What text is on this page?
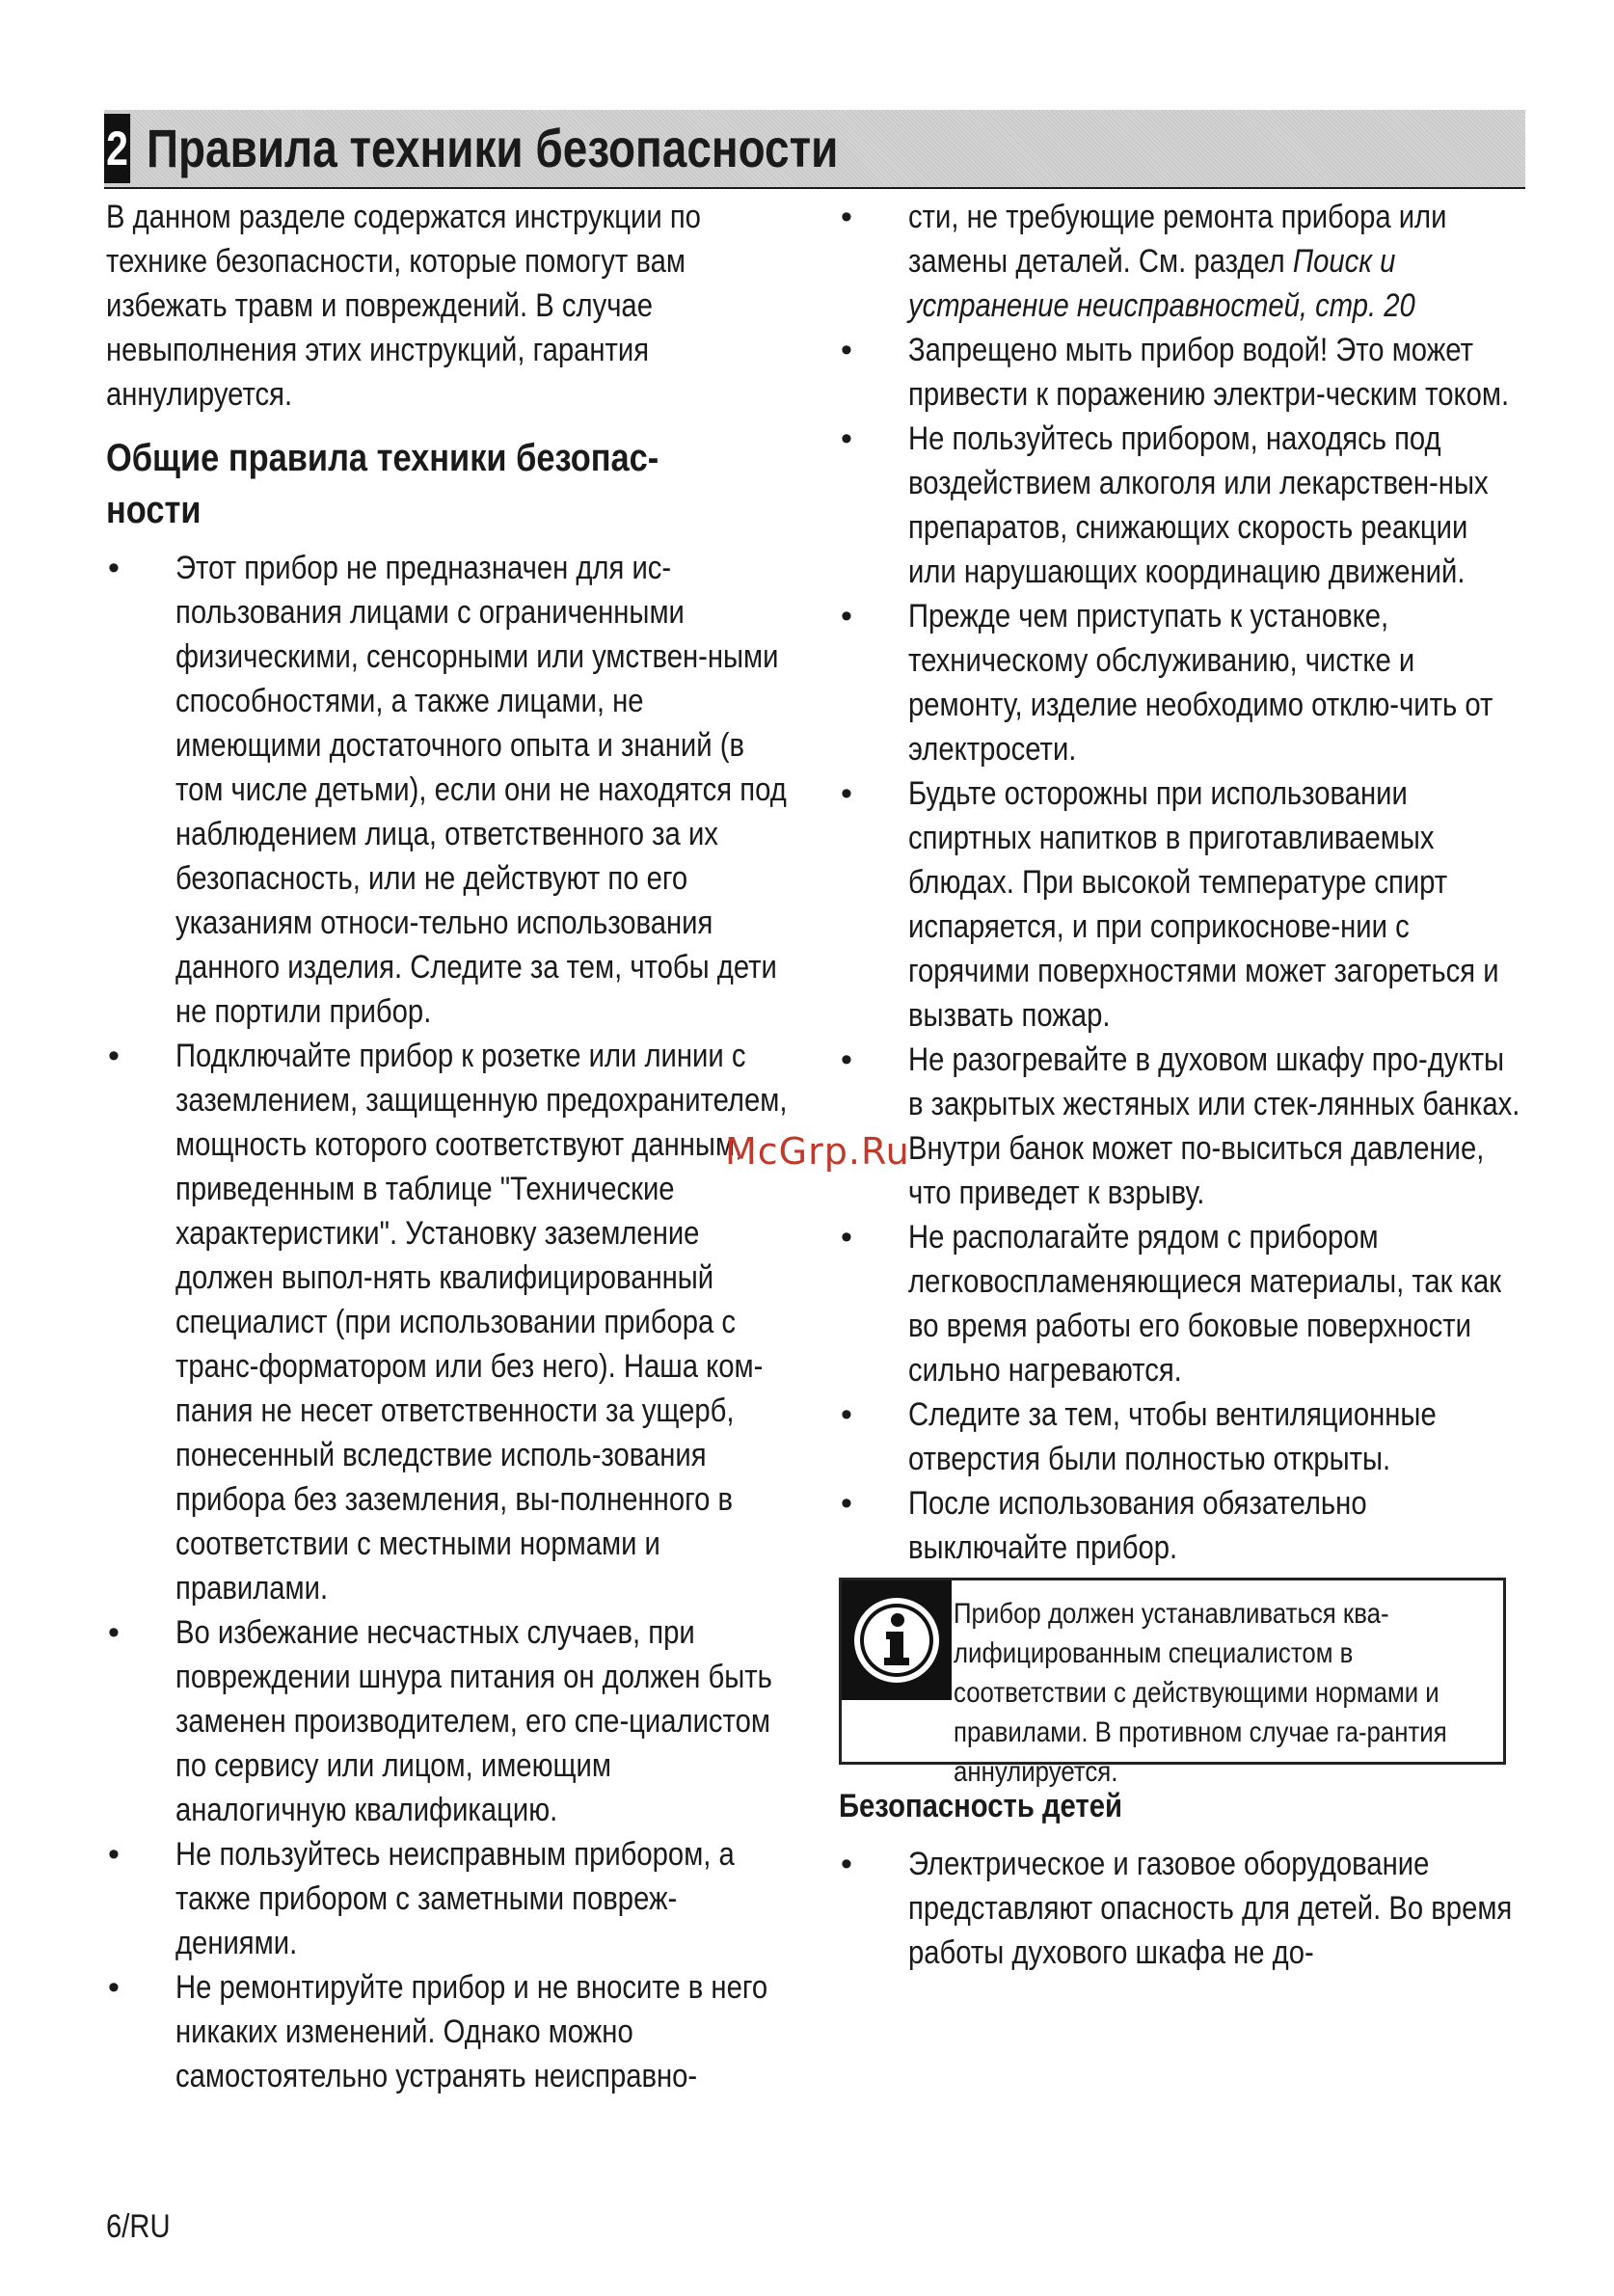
2 Правила техники безопасности

В данном разделе содержатся инструкции по технике безопасности, которые помогут вам избежать травм и повреждений. В случае невыполнения этих инструкций, гарантия аннулируется.

Общие правила техники безопас-ности
• Этот прибор не предназначен для ис-пользования лицами с ограниченными физическими, сенсорными или умствен-ными способностями, а также лицами, не имеющими достаточного опыта и знаний (в том числе детьми), если они не находятся под наблюдением лица, ответственного за их безопасность, или не действуют по его указаниям относи-тельно использования данного изделия. Следите за тем, чтобы дети не портили прибор.
• Подключайте прибор к розетке или линии с заземлением, защищенную предохранителем, мощность которого соответствуют данным, приведенным в таблице "Технические характеристики". Установку заземление должен выпол-нять квалифицированный специалист (при использовании прибора с транс-форматором или без него). Наша ком-пания не несет ответственности за ущерб, понесенный вследствие исполь-зования прибора без заземления, вы-полненного в соответствии с местными нормами и правилами.
• Во избежание несчастных случаев, при повреждении шнура питания он должен быть заменен производителем, его спе-циалистом по сервису или лицом, имеющим аналогичную квалификацию.
• Не пользуйтесь неисправным прибором, а также прибором с заметными повреж-дениями.
• Не ремонтируйте прибор и не вносите в него никаких изменений. Однако можно самостоятельно устранять неисправно-
• сти, не требующие ремонта прибора или замены деталей. См. раздел Поиск и устранение неисправностей, стр. 20
• Запрещено мыть прибор водой! Это может привести к поражению электри-ческим током.
• Не пользуйтесь прибором, находясь под воздействием алкоголя или лекарствен-ных препаратов, снижающих скорость реакции или нарушающих координацию движений.
• Прежде чем приступать к установке, техническому обслуживанию, чистке и ремонту, изделие необходимо отклю-чить от электросети.
• Будьте осторожны при использовании спиртных напитков в приготавливаемых блюдах. При высокой температуре спирт испаряется, и при соприкоснове-нии с горячими поверхностями может загореться и вызвать пожар.
• Не разогревайте в духовом шкафу про-дукты в закрытых жестяных или стек-лянных банках. Внутри банок может по-выситься давление, что приведет к взрыву.
• Не располагайте рядом с прибором легковоспламеняющиеся материалы, так как во время работы его боковые поверхности сильно нагреваются.
• Следите за тем, чтобы вентиляционные отверстия были полностью открыты.
• После использования обязательно выключайте прибор.
Прибор должен устанавливаться ква-лифицированным специалистом в соответствии с действующими нормами и правилами. В противном случае га-рантия аннулируется.
Безопасность детей
• Электрическое и газовое оборудование представляют опасность для детей. Во время работы духового шкафа не до-
McGrp.Ru
6/RU
